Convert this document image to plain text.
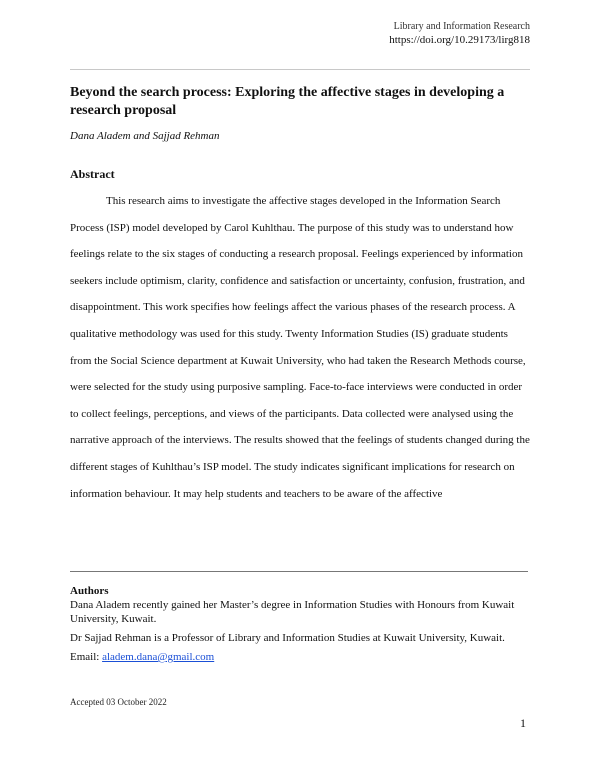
Library and Information Research
https://doi.org/10.29173/lirg818
Beyond the search process: Exploring the affective stages in developing a research proposal
Dana Aladem and Sajjad Rehman
Abstract

This research aims to investigate the affective stages developed in the Information Search Process (ISP) model developed by Carol Kuhlthau. The purpose of this study was to understand how feelings relate to the six stages of conducting a research proposal. Feelings experienced by information seekers include optimism, clarity, confidence and satisfaction or uncertainty, confusion, frustration, and disappointment. This work specifies how feelings affect the various phases of the research process. A qualitative methodology was used for this study. Twenty Information Studies (IS) graduate students from the Social Science department at Kuwait University, who had taken the Research Methods course, were selected for the study using purposive sampling. Face-to-face interviews were conducted in order to collect feelings, perceptions, and views of the participants. Data collected were analysed using the narrative approach of the interviews. The results showed that the feelings of students changed during the different stages of Kuhlthau’s ISP model. The study indicates significant implications for research on information behaviour. It may help students and teachers to be aware of the affective

Authors

Dana Aladem recently gained her Master’s degree in Information Studies with Honours from Kuwait University, Kuwait.

Dr Sajjad Rehman is a Professor of Library and Information Studies at Kuwait University, Kuwait.

Email: aladem.dana@gmail.com

Accepted 03 October 2022
1
